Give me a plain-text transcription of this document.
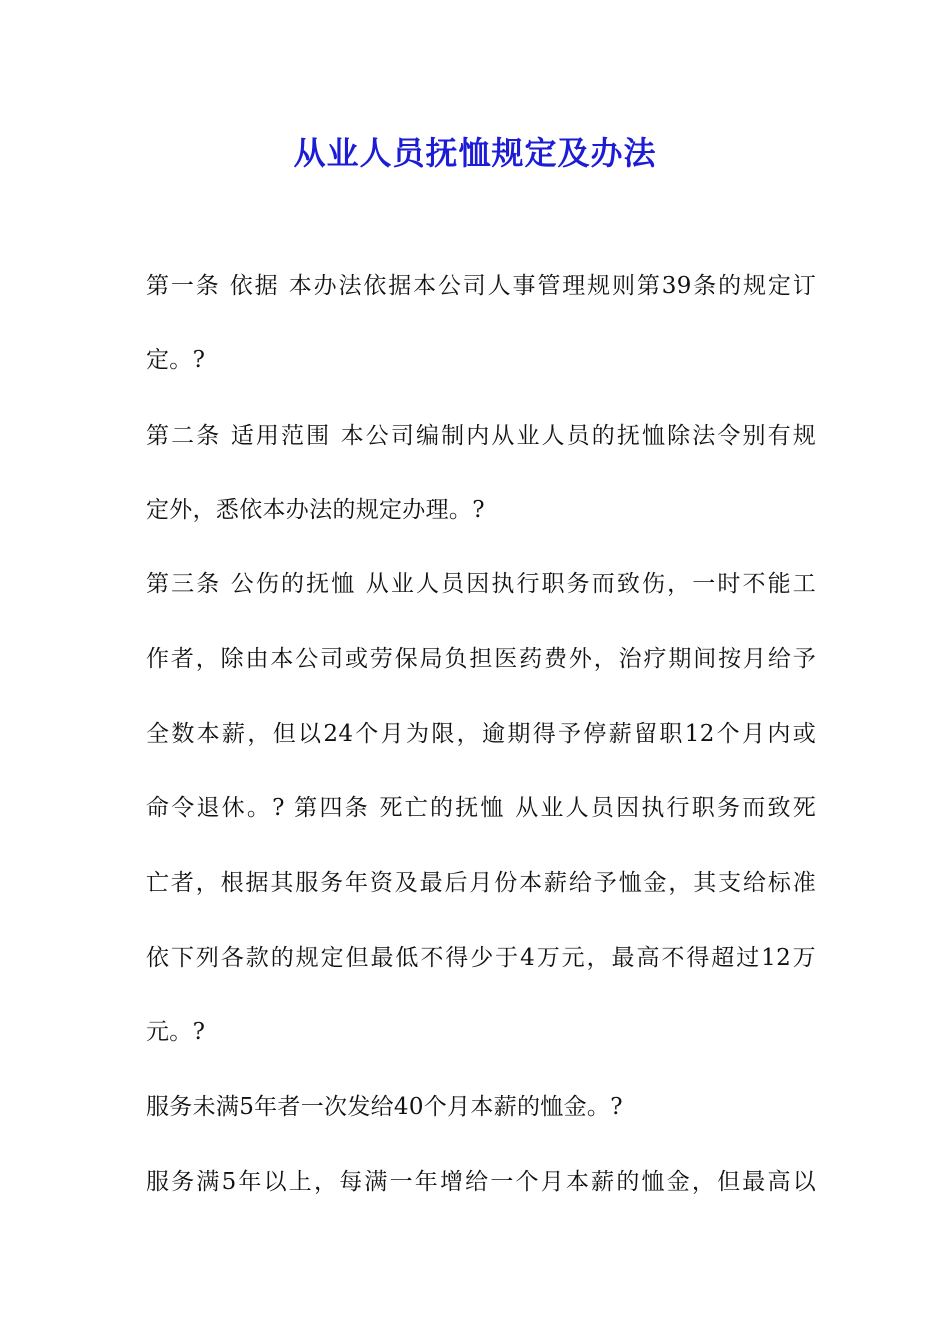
从业人员抚恤规定及办法
第一条 依据 本办法依据本公司人事管理规则第39条的规定订
定。?
第二条 适用范围 本公司编制内从业人员的抚恤除法令别有规
定外，悉依本办法的规定办理。?
第三条 公伤的抚恤 从业人员因执行职务而致伤，一时不能工
作者，除由本公司或劳保局负担医药费外，治疗期间按月给予
全数本薪，但以24个月为限，逾期得予停薪留职12个月内或
命令退休。? 第四条 死亡的抚恤 从业人员因执行职务而致死
亡者，根据其服务年资及最后月份本薪给予恤金，其支给标准
依下列各款的规定但最低不得少于4万元，最高不得超过12万
元。?
服务未满5年者一次发给40个月本薪的恤金。?
服务满5年以上，每满一年增给一个月本薪的恤金，但最高以
